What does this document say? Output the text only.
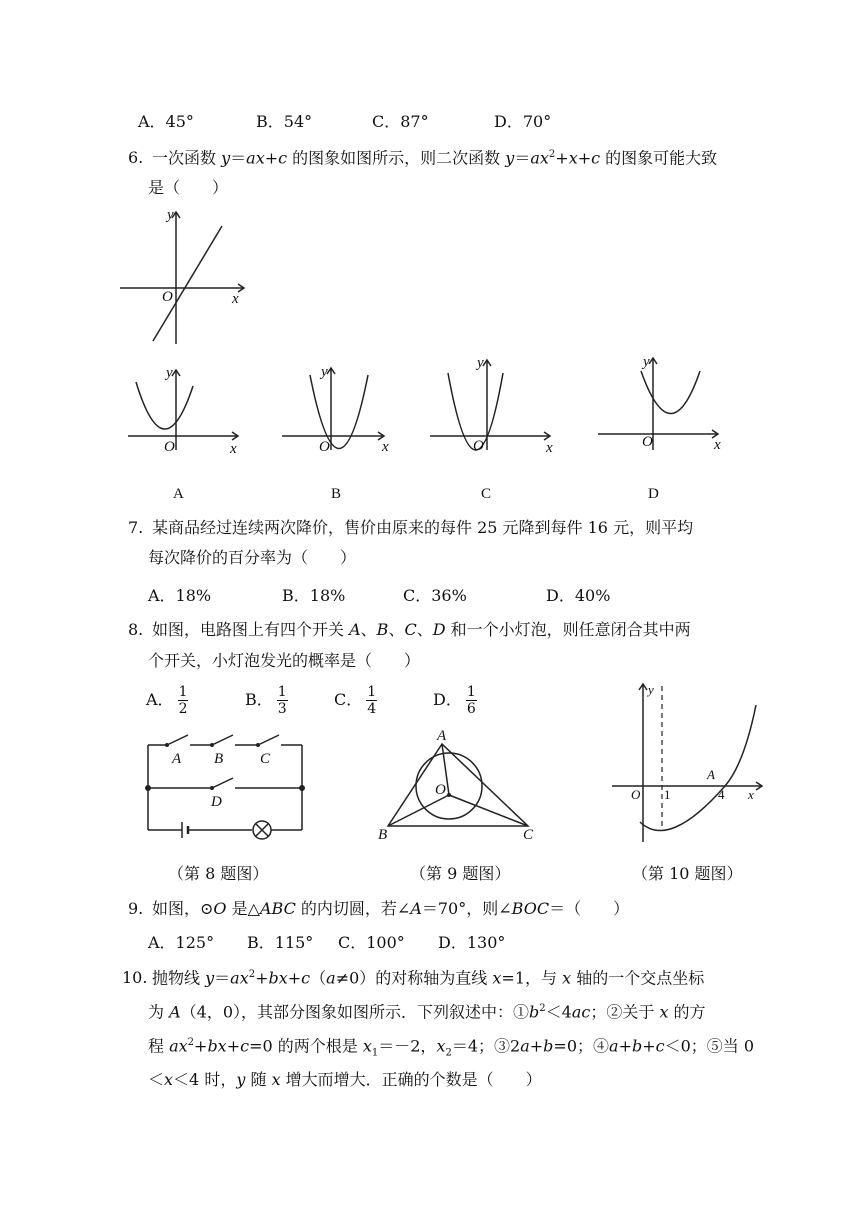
A．45°	B．54°	C．87°	D．70°
6. 一次函数 y＝ax+c 的图象如图所示，则二次函数 $y=ax^2+x+c$ 的图象可能大致
是（　　）
y
x
O
y
x
O
y
x
O
y
x
O
y
x
O
A	B	C	D
7. 某商品经过连续两次降价，售价由原来的每件 25 元降到每件 16 元，则平均
每次降价的百分率为（　　）
A．18%	B．18%	C．36%	D．40%
8. 如图，电路图上有四个开关 A、B、C、D 和一个小灯泡，则任意闭合其中两
个开关，小灯泡发光的概率是（　　）
A． $\frac{1}{2}$	B． $\frac{1}{3}$	C． $\frac{1}{4}$	D． $\frac{1}{6}$
A B C
D
A
B	C
O
y
x
O 1	4
A
（第 8 题图）	（第 9 题图）	（第 10 题图）
9. 如图，⊙O 是△ABC 的内切圆，若∠A＝70°，则∠BOC＝（　　）
A．125° B．115° C．100° D．130°
10. 抛物线 $y=ax^2+bx+c(a\ne 0)$的对称轴为直线 x=1，与 x 轴的一个交点坐标
为 A（4，0），其部分图象如图所示．下列叙述中：$①b^2<4ac$；②关于 x 的方
程 $ax^2+bx+c=0$ 的两个根是 $x_1=-2$，$x_2=4$；③2a+b=0；④a+b+c＜0；⑤当 0
＜x＜4 时，y 随 x 增大而增大．正确的个数是（　　）
